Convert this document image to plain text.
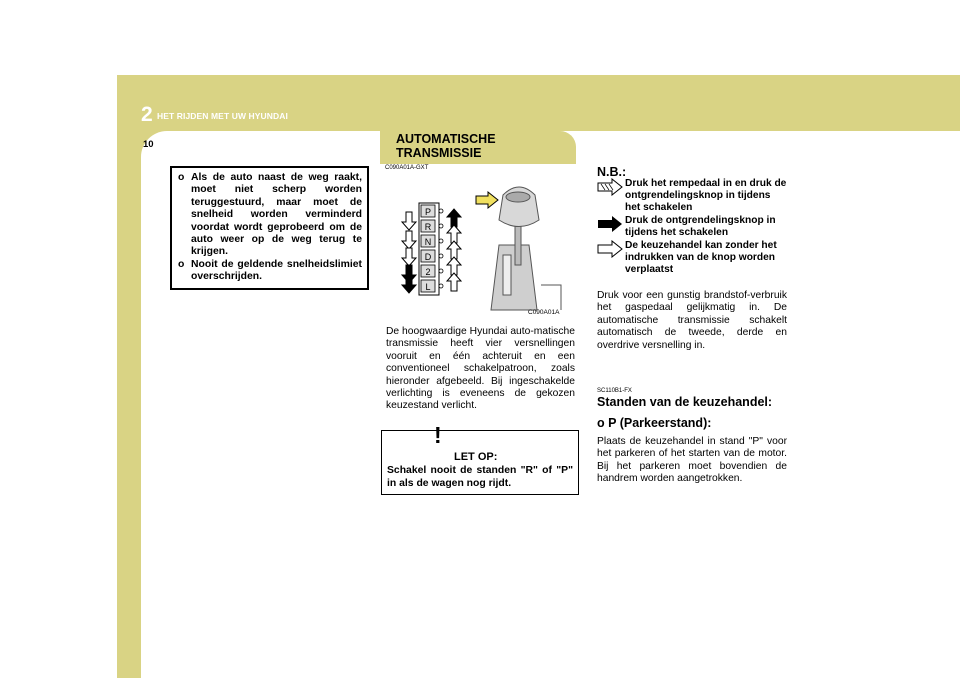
2 HET RIJDEN MET UW HYUNDAI
10
o Als de auto naast de weg raakt, moet niet scherp worden teruggestuurd, maar moet de snelheid worden verminderd voordat wordt geprobeerd om de auto weer op de weg terug te krijgen.
o Nooit de geldende snelheidslimiet overschrijden.
AUTOMATISCHE
TRANSMISSIE
C090A01A-GXT
P
R
N
D
2
L
C090A01A
De hoogwaardige Hyundai auto-matische transmissie heeft vier versnellingen vooruit en één achteruit en een conventioneel schakelpatroon, zoals hieronder afgebeeld. Bij ingeschakelde verlichting is eveneens de gekozen keuzestand verlicht.
!
LET OP:
Schakel nooit de standen "R" of "P" in als de wagen nog rijdt.
N.B.:
Druk het rempedaal in en druk de ontgrendelingsknop in tijdens het schakelen
Druk de ontgrendelingsknop in tijdens het schakelen
De keuzehandel kan zonder het indrukken van de knop worden verplaatst
Druk voor een gunstig brandstof-verbruik het gaspedaal gelijkmatig in. De automatische transmissie schakelt automatisch de tweede, derde en overdrive versnelling in.
SC110B1-FX
Standen van de keuzehandel:
o P (Parkeerstand):
Plaats de keuzehandel in stand "P" voor het parkeren of het starten van de motor. Bij het parkeren moet bovendien de handrem worden aangetrokken.
